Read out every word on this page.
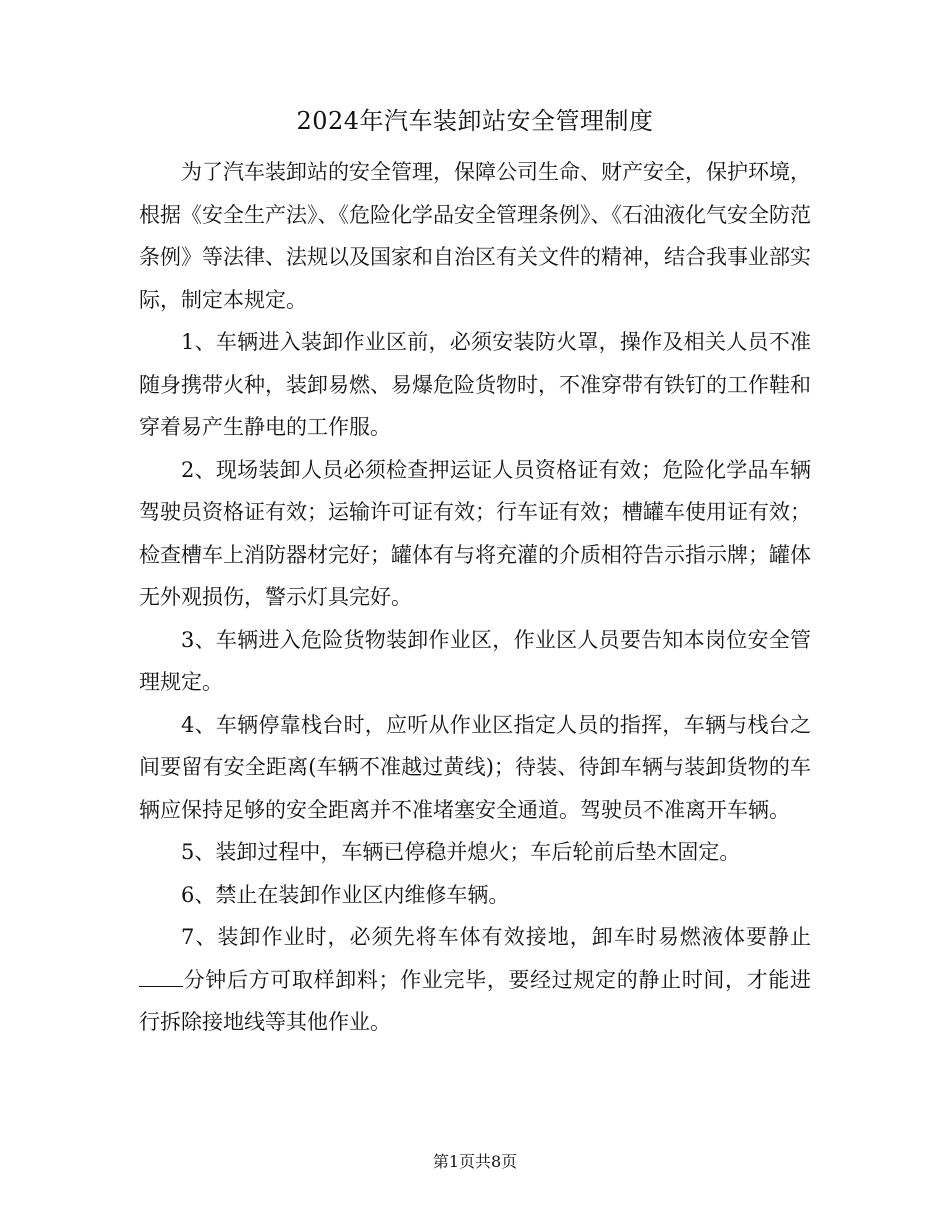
2024年汽车装卸站安全管理制度

为了汽车装卸站的安全管理，保障公司生命、财产安全，保护环境，根据《安全生产法》、《危险化学品安全管理条例》、《石油液化气安全防范条例》等法律、法规以及国家和自治区有关文件的精神，结合我事业部实际，制定本规定。

1、车辆进入装卸作业区前，必须安装防火罩，操作及相关人员不准随身携带火种，装卸易燃、易爆危险货物时，不准穿带有铁钉的工作鞋和穿着易产生静电的工作服。

2、现场装卸人员必须检查押运证人员资格证有效；危险化学品车辆驾驶员资格证有效；运输许可证有效；行车证有效；槽罐车使用证有效；检查槽车上消防器材完好；罐体有与将充灌的介质相符告示指示牌；罐体无外观损伤，警示灯具完好。

3、车辆进入危险货物装卸作业区，作业区人员要告知本岗位安全管理规定。

4、车辆停靠栈台时，应听从作业区指定人员的指挥，车辆与栈台之间要留有安全距离(车辆不准越过黄线)；待装、待卸车辆与装卸货物的车辆应保持足够的安全距离并不准堵塞安全通道。驾驶员不准离开车辆。

5、装卸过程中，车辆已停稳并熄火；车后轮前后垫木固定。

6、禁止在装卸作业区内维修车辆。

7、装卸作业时，必须先将车体有效接地，卸车时易燃液体要静止分钟后方可取样卸料；作业完毕，要经过规定的静止时间，才能进行拆除接地线等其他作业。

第1页共8页
